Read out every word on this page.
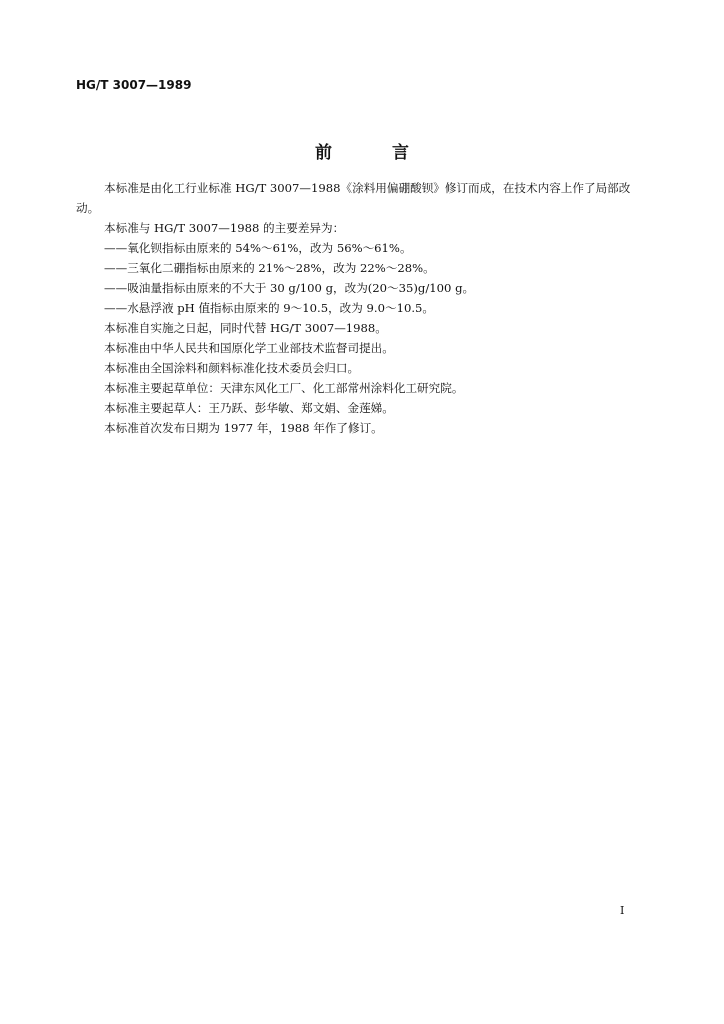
HG/T 3007—1989
前	言

本标准是由化工行业标准 HG/T 3007—1988《涂料用偏硼酸钡》修订而成，在技术内容上作了局部改动。

本标准与 HG/T 3007—1988 的主要差异为：

——氧化钡指标由原来的 54%～61%，改为 56%～61%。

——三氧化二硼指标由原来的 21%～28%，改为 22%～28%。

——吸油量指标由原来的不大于 30 g/100 g，改为(20～35)g/100 g。

——水悬浮液 pH 值指标由原来的 9～10.5，改为 9.0～10.5。

本标准自实施之日起，同时代替 HG/T 3007—1988。

本标准由中华人民共和国原化学工业部技术监督司提出。

本标准由全国涂料和颜料标准化技术委员会归口。

本标准主要起草单位：天津东风化工厂、化工部常州涂料化工研究院。

本标准主要起草人：王乃跃、彭华敏、郑文娟、金莲娣。

本标准首次发布日期为 1977 年，1988 年作了修订。

I
